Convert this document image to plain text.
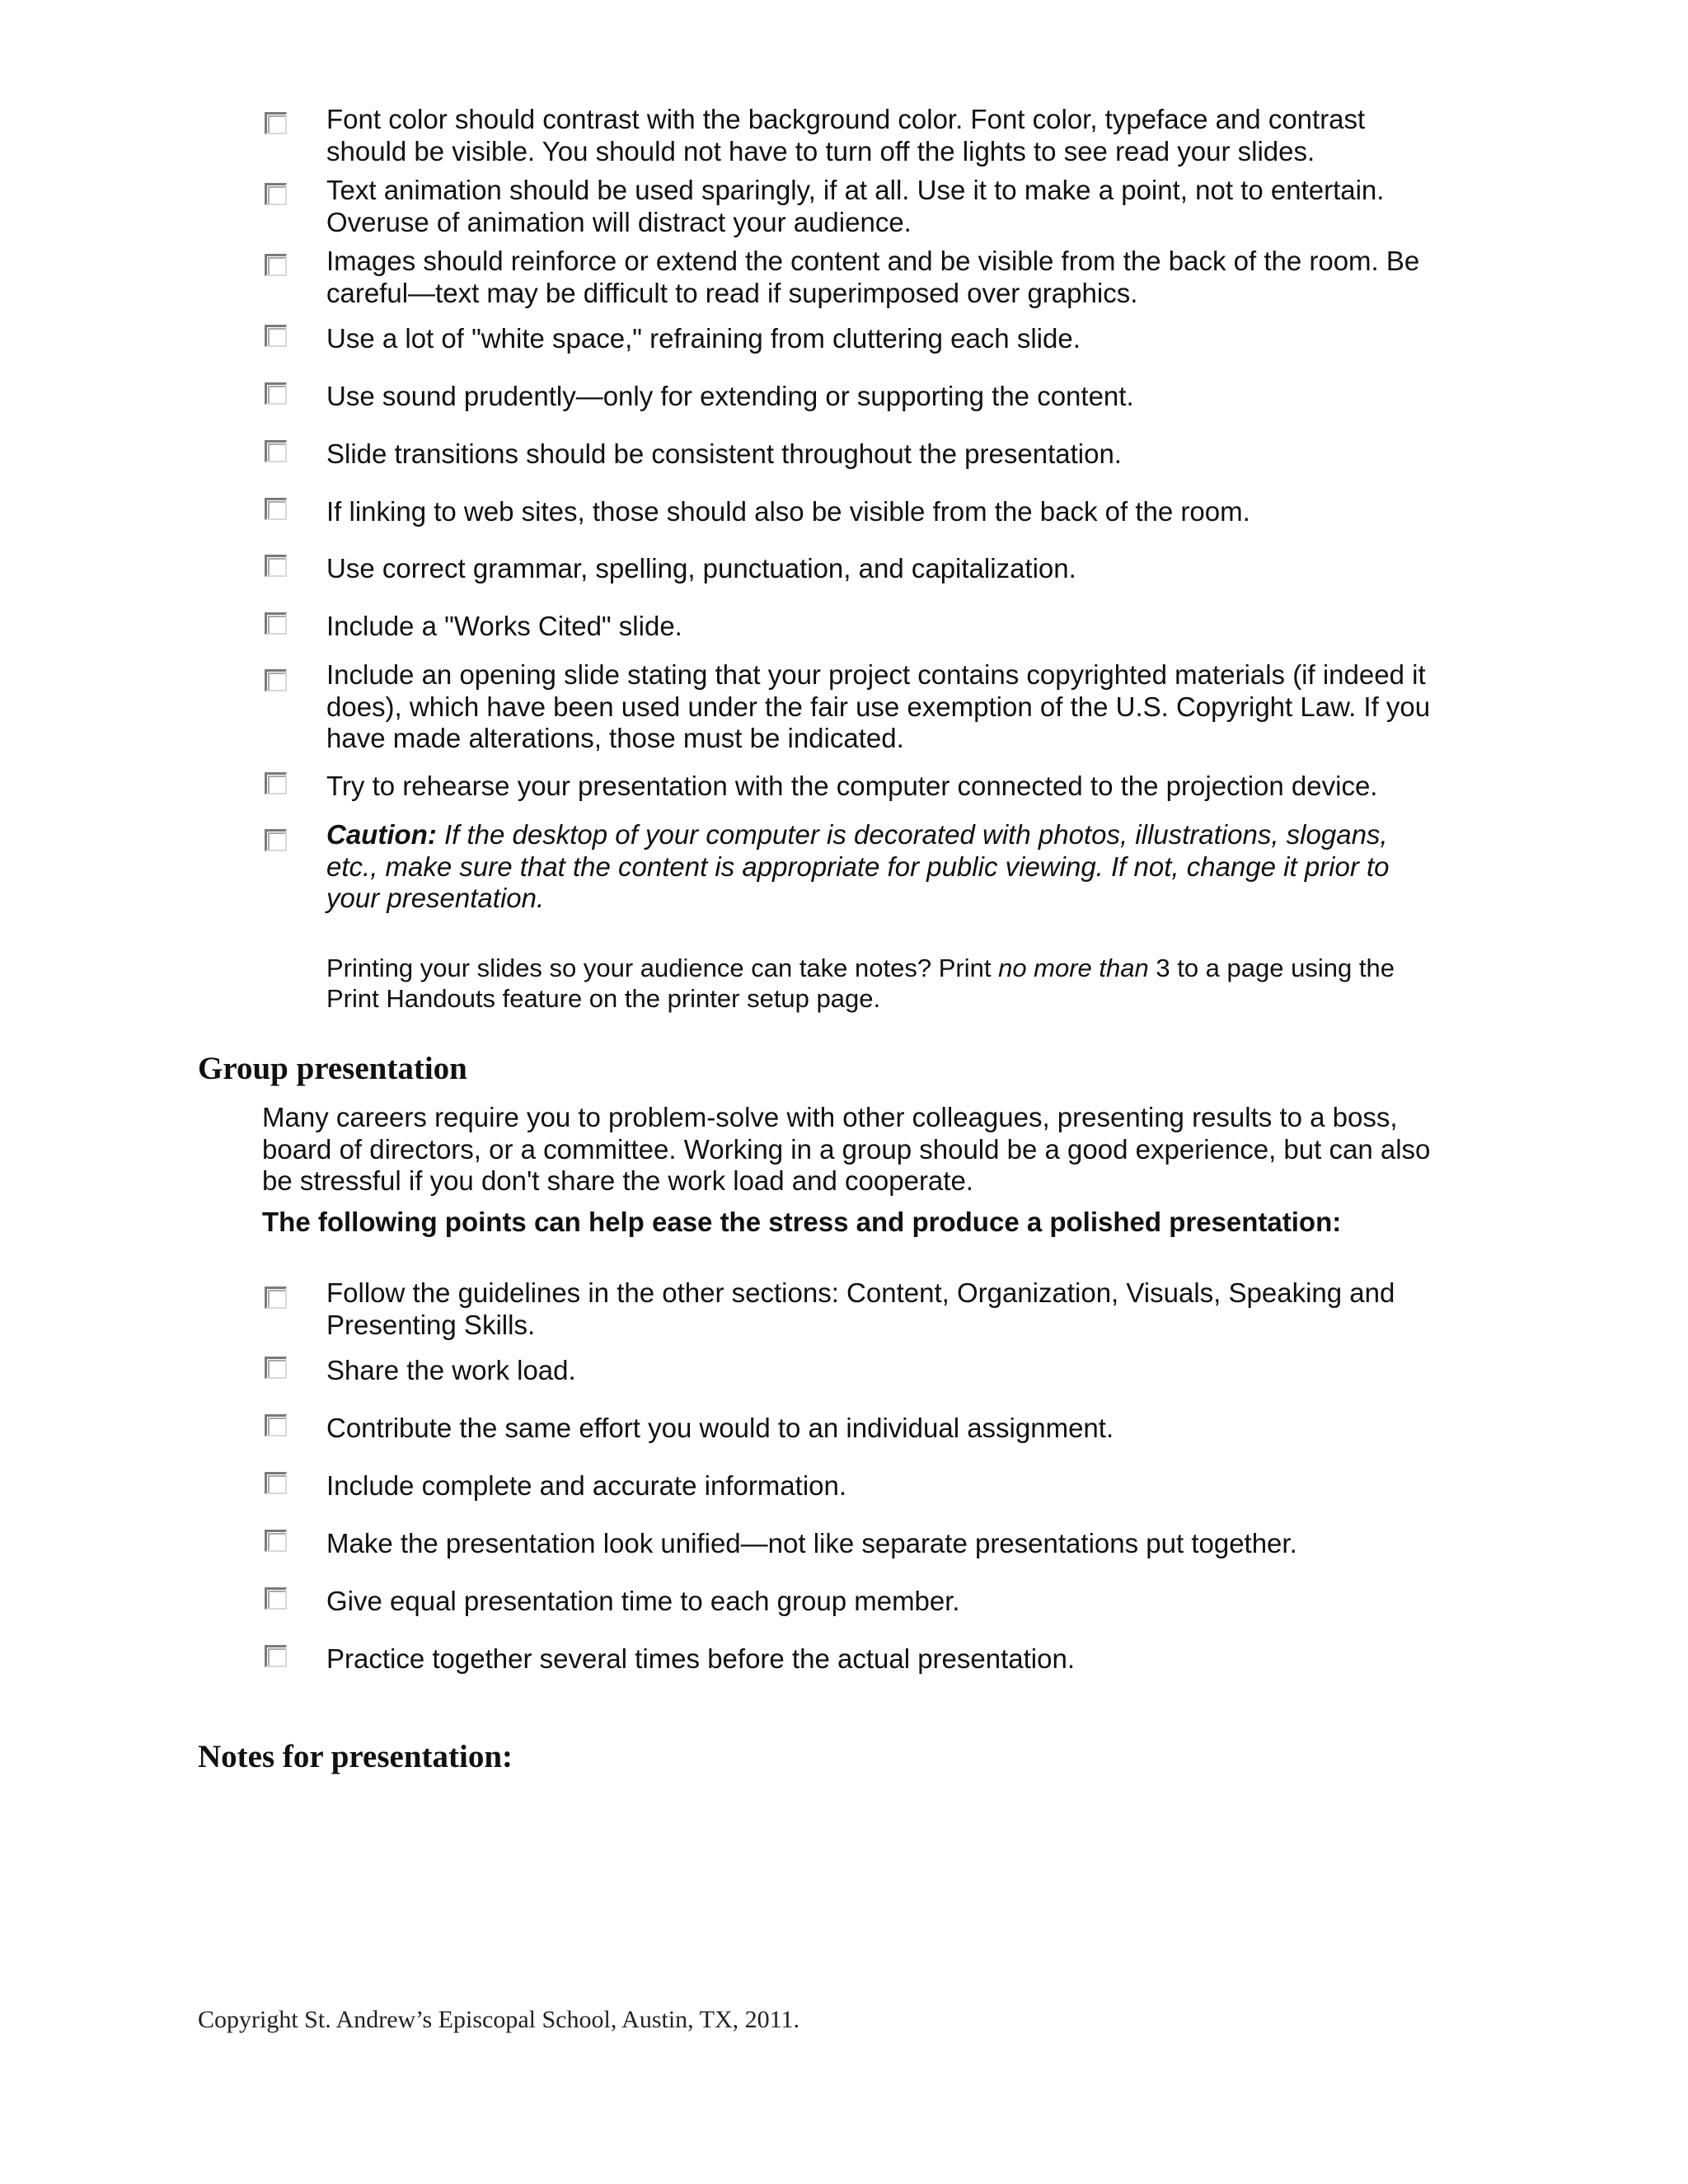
Font color should contrast with the background color. Font color, typeface and contrast should be visible. You should not have to turn off the lights to see read your slides.
Text animation should be used sparingly, if at all. Use it to make a point, not to entertain. Overuse of animation will distract your audience.
Images should reinforce or extend the content and be visible from the back of the room. Be careful—text may be difficult to read if superimposed over graphics.
Use a lot of "white space," refraining from cluttering each slide.
Use sound prudently—only for extending or supporting the content.
Slide transitions should be consistent throughout the presentation.
If linking to web sites, those should also be visible from the back of the room.
Use correct grammar, spelling, punctuation, and capitalization.
Include a "Works Cited" slide.
Include an opening slide stating that your project contains copyrighted materials (if indeed it does), which have been used under the fair use exemption of the U.S. Copyright Law. If you have made alterations, those must be indicated.
Try to rehearse your presentation with the computer connected to the projection device.
Caution: If the desktop of your computer is decorated with photos, illustrations, slogans, etc., make sure that the content is appropriate for public viewing. If not, change it prior to your presentation.
Printing your slides so your audience can take notes? Print no more than 3 to a page using the Print Handouts feature on the printer setup page.
Group presentation
Many careers require you to problem-solve with other colleagues, presenting results to a boss, board of directors, or a committee. Working in a group should be a good experience, but can also be stressful if you don't share the work load and cooperate.
The following points can help ease the stress and produce a polished presentation:
Follow the guidelines in the other sections: Content, Organization, Visuals, Speaking and Presenting Skills.
Share the work load.
Contribute the same effort you would to an individual assignment.
Include complete and accurate information.
Make the presentation look unified—not like separate presentations put together.
Give equal presentation time to each group member.
Practice together several times before the actual presentation.
Notes for presentation:
Copyright St. Andrew’s Episcopal School, Austin, TX, 2011.
